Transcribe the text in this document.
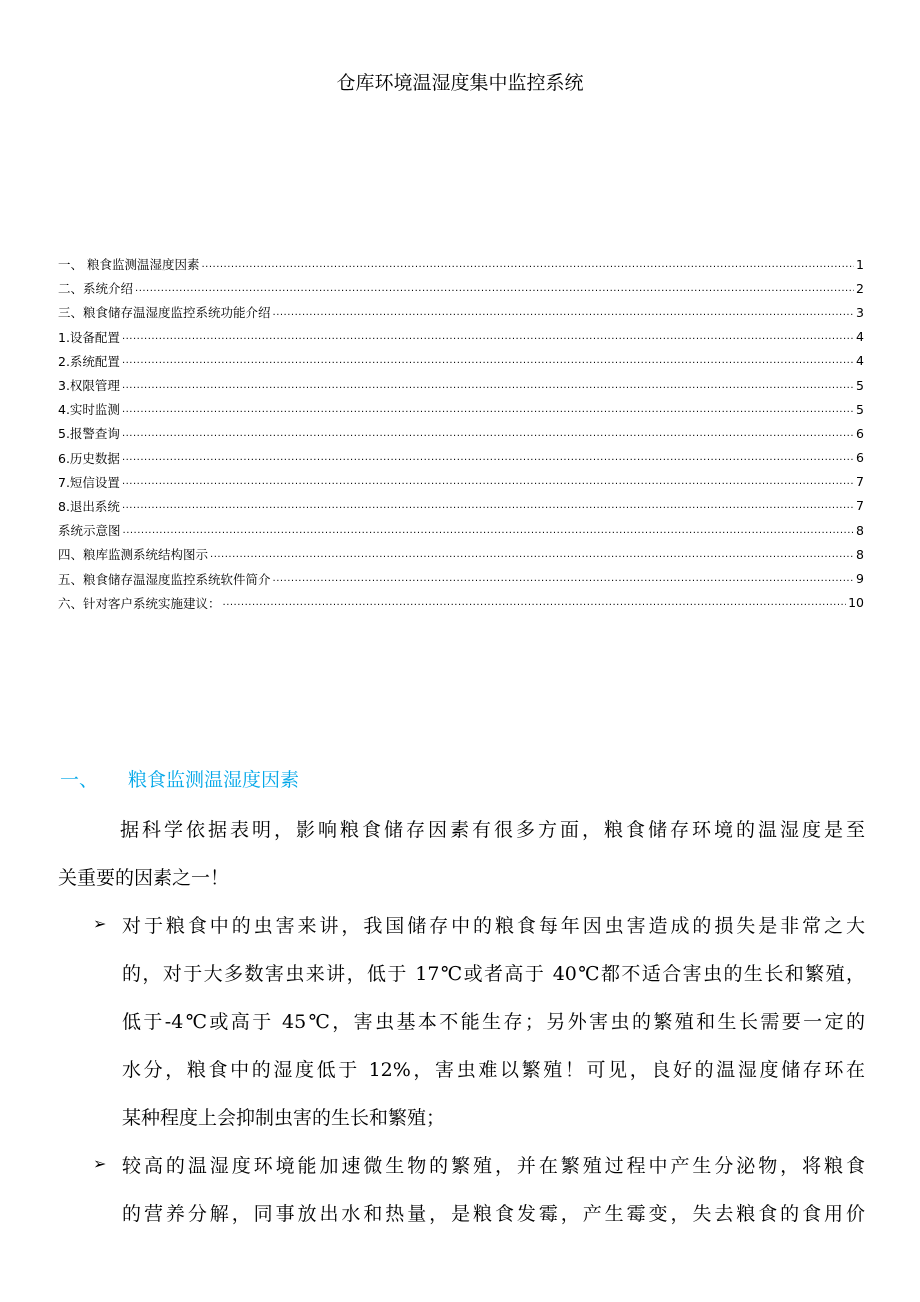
仓库环境温湿度集中监控系统
一、 粮食监测温湿度因素 .....	1
二、系统介绍 .....	2
三、粮食储存温湿度监控系统功能介绍 .....	3
1.设备配置 .....	4
2.系统配置 .....	4
3.权限管理 .....	5
4.实时监测 .....	5
5.报警查询 .....	6
6.历史数据 .....	6
7.短信设置 .....	7
8.退出系统 .....	7
系统示意图 .....	8
四、粮库监测系统结构图示 .....	8
五、粮食储存温湿度监控系统软件简介 .....	9
六、针对客户系统实施建议： .....	10
一、 粮食监测温湿度因素
据科学依据表明，影响粮食储存因素有很多方面，粮食储存环境的温湿度是至
关重要的因素之一！
➢ 对于粮食中的虫害来讲，我国储存中的粮食每年因虫害造成的损失是非常之大
的，对于大多数害虫来讲，低于 17℃或者高于 40℃都不适合害虫的生长和繁殖，
低于-4℃或高于 45℃，害虫基本不能生存；另外害虫的繁殖和生长需要一定的
水分，粮食中的湿度低于 12%，害虫难以繁殖！可见，良好的温湿度储存环在
某种程度上会抑制虫害的生长和繁殖；
➢ 较高的温湿度环境能加速微生物的繁殖，并在繁殖过程中产生分泌物，将粮食
的营养分解，同事放出水和热量，是粮食发霉，产生霉变，失去粮食的食用价
